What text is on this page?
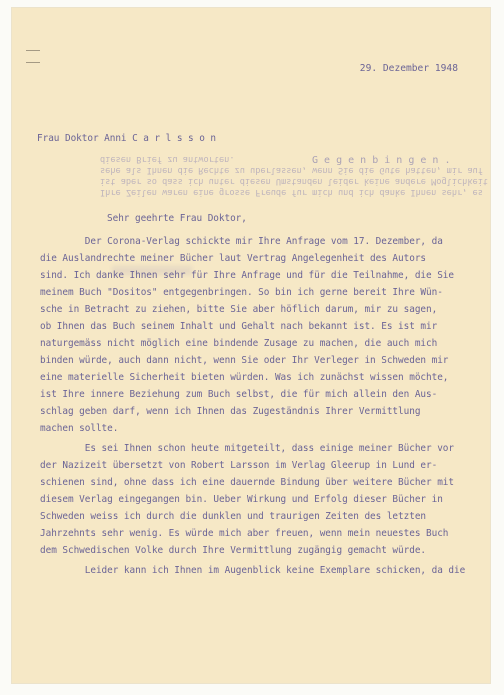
29. Dezember 1948
Frau Doktor Anni C a r l s s o n
Ihre Zeilen waren eine grosse Freude fur mich und ich danke Ihnen sehr, es
ist aber so dass ich unter diesen Umstanden leider keine andere Moglichkeit
sehe als Ihnen die Rechte zu uberlassen, wenn Sie die Gute hatten, mir auf
diesen Brief zu antworten.	G e g e n b i n g e n .
Sehr geehrte Frau Doktor,
Der Corona-Verlag schickte mir Ihre Anfrage vom 17. Dezember, da
die Auslandrechte meiner Bücher laut Vertrag Angelegenheit des Autors
sind. Ich danke Ihnen sehr für Ihre Anfrage und für die Teilnahme, die Sie
meinem Buch "Dositos" entgegenbringen. So bin ich gerne bereit Ihre Wün-
sche in Betracht zu ziehen, bitte Sie aber höflich darum, mir zu sagen,
ob Ihnen das Buch seinem Inhalt und Gehalt nach bekannt ist. Es ist mir
naturgemäss nicht möglich eine bindende Zusage zu machen, die auch mich
binden würde, auch dann nicht, wenn Sie oder Ihr Verleger in Schweden mir
eine materielle Sicherheit bieten würden. Was ich zunächst wissen möchte,
ist Ihre innere Beziehung zum Buch selbst, die für mich allein den Aus-
schlag geben darf, wenn ich Ihnen das Zugeständnis Ihrer Vermittlung
machen sollte.
Es sei Ihnen schon heute mitgeteilt, dass einige meiner Bücher vor
der Nazizeit übersetzt von Robert Larsson im Verlag Gleerup in Lund er-
schienen sind, ohne dass ich eine dauernde Bindung über weitere Bücher mit
diesem Verlag eingegangen bin. Ueber Wirkung und Erfolg dieser Bücher in
Schweden weiss ich durch die dunklen und traurigen Zeiten des letzten
Jahrzehnts sehr wenig. Es würde mich aber freuen, wenn mein neuestes Buch
dem Schwedischen Volke durch Ihre Vermittlung zugängig gemacht würde.
Leider kann ich Ihnen im Augenblick keine Exemplare schicken, da die
